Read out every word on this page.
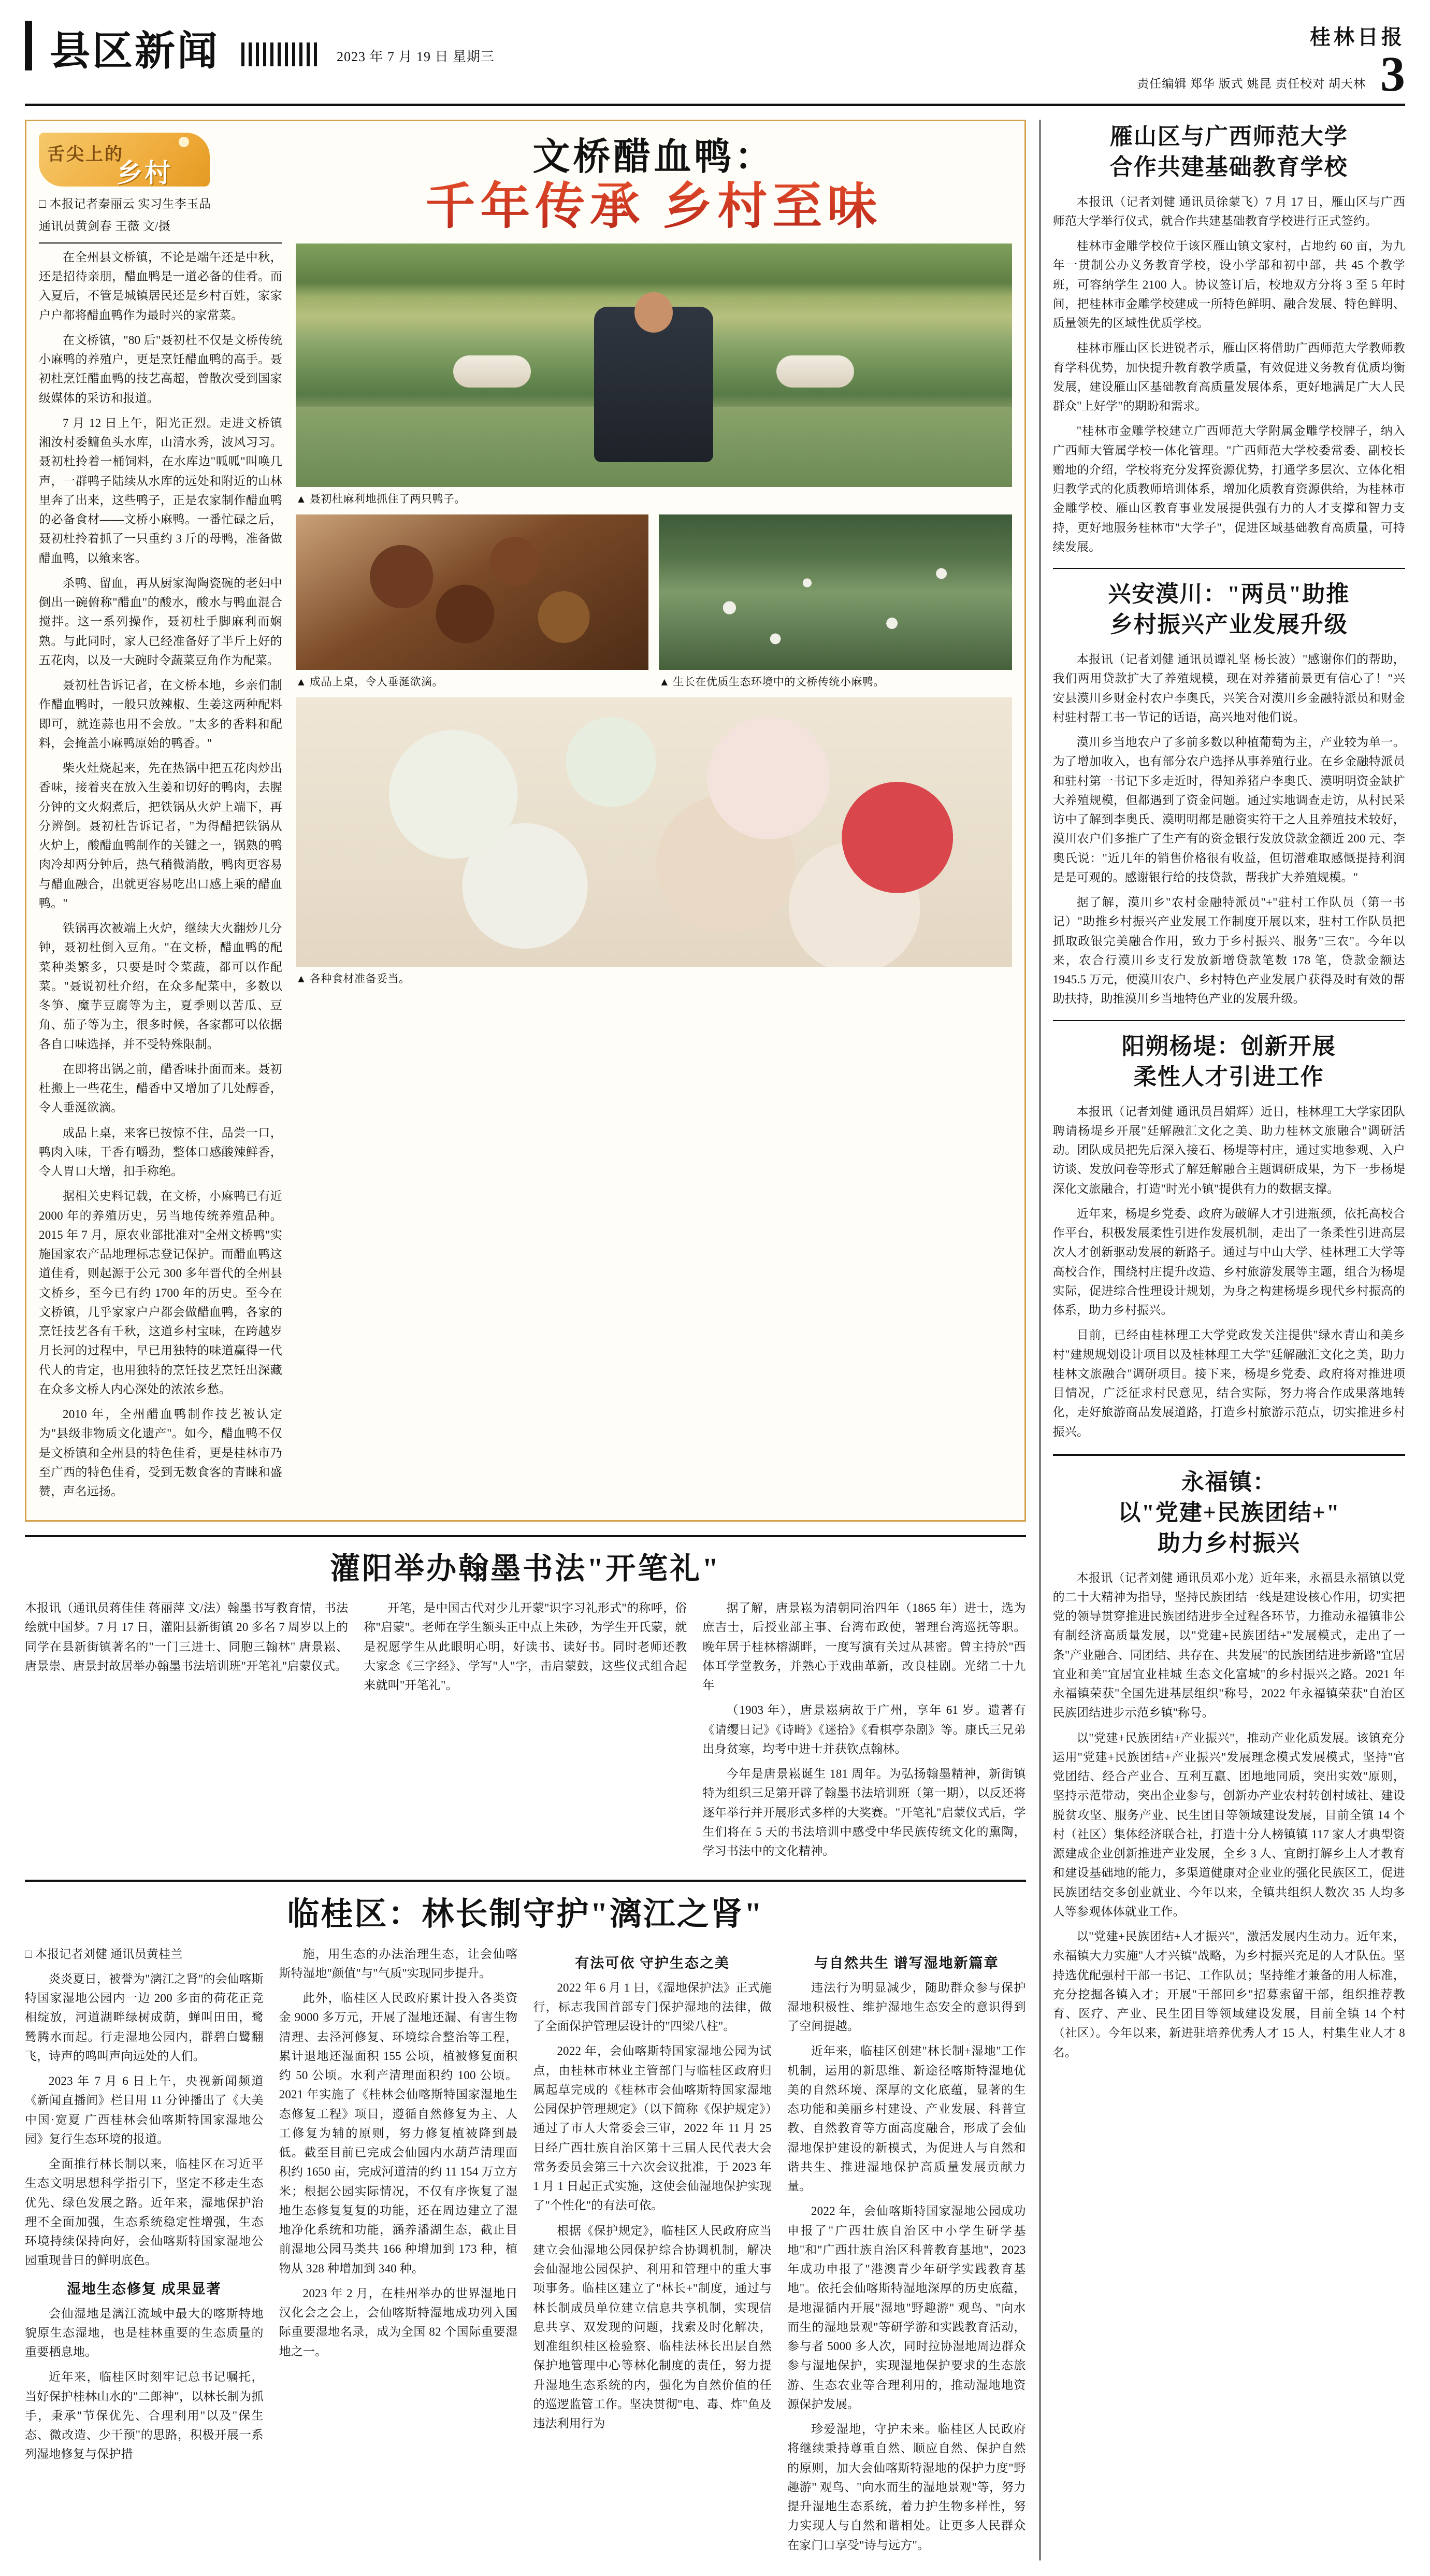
县区新闻	2023 年 7 月 19 日 星期三
桂林日报
责任编辑 郑华 版式 姚昆 责任校对 胡天林 3
舌尖上的
乡村
□ 本报记者秦丽云 实习生李玉品
通讯员黄剑春 王薇 文/摄

在全州县文桥镇，不论是端午还是中秋，还是招待亲朋，醋血鸭是一道必备的佳肴。而入夏后，不管是城镇居民还是乡村百姓，家家户户都将醋血鸭作为最时兴的家常菜。

在文桥镇，"80 后"聂初杜不仅是文桥传统小麻鸭的养殖户，更是烹饪醋血鸭的高手。聂初杜烹饪醋血鸭的技艺高超，曾散次受到国家级媒体的采访和报道。

7 月 12 日上午，阳光正烈。走进文桥镇湘汝村委鳙鱼头水库，山清水秀，波风习习。聂初杜拎着一桶饲料，在水库边"呱呱"叫唤几声，一群鸭子陆续从水库的远处和附近的山林里奔了出来，这些鸭子，正是农家制作醋血鸭的必备食材——文桥小麻鸭。一番忙碌之后，聂初杜拎着抓了一只重约 3 斤的母鸭，准备做醋血鸭，以飨来客。

杀鸭、留血，再从厨家淘陶瓷碗的老妇中倒出一碗俯称"醋血"的酸水，酸水与鸭血混合搅拌。这一系列操作，聂初杜手脚麻利而娴熟。与此同时，家人已经准备好了半斤上好的五花肉，以及一大碗时令蔬菜豆角作为配菜。

聂初杜告诉记者，在文桥本地，乡亲们制作醋血鸭时，一般只放辣椒、生姜这两种配料即可，就连蒜也用不会放。"太多的香料和配料，会掩盖小麻鸭原始的鸭香。"

柴火灶烧起来，先在热锅中把五花肉炒出香味，接着夹在放入生姜和切好的鸭肉，去腥 分钟的文火焖煮后，把铁锅从火炉上端下，再分辨倒。聂初杜告诉记者，"为得醋把铁锅从火炉上，酸醋血鸭制作的关键之一，锅熟的鸭肉冷却两分钟后，热气稍微消散，鸭肉更容易与醋血融合，出就更容易吃出口感上乘的醋血鸭。"

铁锅再次被端上火炉，继续大火翻炒几分钟，聂初杜倒入豆角。"在文桥，醋血鸭的配菜种类繁多，只要是时令菜蔬，都可以作配菜。"聂说初杜介绍，在众多配菜中，多数以冬笋、魔芋豆腐等为主，夏季则以苦瓜、豆角、茄子等为主，很多时候，各家都可以依据各自口味选择，并不受特殊限制。

在即将出锅之前，醋香味扑面而来。聂初杜搬上一些花生，醋香中又增加了几处醇香，令人垂涎欲滴。

成品上桌，来客已按惊不住，品尝一口，鸭肉入味，干香有嚼劲，整体口感酸辣鲜香，令人胃口大增，扣手称绝。

据相关史料记载，在文桥，小麻鸭已有近 2000 年的养殖历史，另当地传统养殖品种。2015 年 7 月，原农业部批准对"全州文桥鸭"实施国家农产品地理标志登记保护。而醋血鸭这道佳肴，则起源于公元 300 多年晋代的全州县文桥乡，至今已有约 1700 年的历史。至今在文桥镇，几乎家家户户都会做醋血鸭，各家的烹饪技艺各有千秋，这道乡村宝味，在跨越岁月长河的过程中，早已用独特的味道赢得一代代人的肯定，也用独特的烹饪技艺烹饪出深藏在众多文桥人内心深处的浓浓乡愁。

2010 年，全州醋血鸭制作技艺被认定为"县级非物质文化遗产"。如今，醋血鸭不仅是文桥镇和全州县的特色佳肴，更是桂林市乃至广西的特色佳肴，受到无数食客的青睐和盛赞，声名远扬。

文桥醋血鸭：
千年传承 乡村至味
▲ 聂初杜麻利地抓住了两只鸭子。
▲ 成品上桌，令人垂涎欲滴。	▲ 生长在优质生态环境中的文桥传统小麻鸭。
▲ 各种食材准备妥当。
灌阳举办翰墨书法"开笔礼"

本报讯（通讯员蒋佳佳 蒋丽萍 文/法）翰墨书写教育情，书法绘就中国梦。7 月 17 日，灌阳县新街镇 20 多名 7 周岁以上的同学在县新街镇著名的"一门三进士、同胞三翰林" 唐景崧、唐景崇、唐景封故居举办翰墨书法培训班"开笔礼"启蒙仪式。

开笔，是中国古代对少儿开蒙"识字习礼形式"的称呼，俗称"启蒙"。老师在学生额头正中点上朱砂，为学生开氏蒙，就是祝愿学生从此眼明心明，好读书、读好书。同时老师还教大家念《三字经》、学写"人"字，击启蒙鼓，这些仪式组合起来就叫"开笔礼"。

据了解，唐景崧为清朝同治四年（1865 年）进士，选为庶吉士，后授业部主事、台湾布政使，署理台湾巡抚等职。晚年居于桂林榕湖畔，一度写演有关过从甚密。曾主持於"西体耳学堂教务，并熟心于戏曲革新，改良桂剧。光绪二十九年

（1903 年），唐景崧病故于广州，享年 61 岁。遗著有《请缨日记》《诗畸》《迷拾》《看棋亭杂剧》等。康氏三兄弟出身贫寒，均考中进士并获钦点翰林。

今年是唐景崧诞生 181 周年。为弘扬翰墨精神，新街镇特为组织三足第开辟了翰墨书法培训班（第一期），以反还将逐年举行并开展形式多样的大奖赛。"开笔礼"启蒙仪式后，学生们将在 5 天的书法培训中感受中华民族传统文化的熏陶，学习书法中的文化精神。

临桂区：林长制守护"漓江之肾"

□ 本报记者刘健 通讯员黄桂兰

炎炎夏日，被誉为"漓江之肾"的会仙喀斯特国家湿地公园内一边 200 多亩的荷花正竞相绽放，河道湖畔绿树成荫，蝉叫田田，鹭鸶腾水而起。行走湿地公园内，群碧白鹭翻飞，诗声的鸣叫声向远处的人们。

2023 年 7 月 6 日上午，央视新闻频道《新闻直播间》栏目用 11 分钟播出了《大美中国·宽夏 广西桂林会仙喀斯特国家湿地公园》复行生态环境的报道。

全面推行林长制以来，临桂区在习近平生态文明思想科学指引下，坚定不移走生态优先、绿色发展之路。近年来，湿地保护治理不全面加强，生态系统稳定性增强，生态环境持续保持向好，会仙喀斯特国家湿地公园重现昔日的鲜明底色。

湿地生态修复 成果显著

会仙湿地是漓江流域中最大的喀斯特地貌原生态湿地，也是桂林重要的生态质量的重要栖息地。

近年来，临桂区时刻牢记总书记嘱托，当好保护桂林山水的"二郎神"，以林长制为抓手，秉承"节保优先、合理利用"以及"保生态、微改造、少干预"的思路，积极开展一系列湿地修复与保护措

施，用生态的办法治理生态，让会仙喀斯特湿地"颜值"与"气质"实现同步提升。

此外，临桂区人民政府累计投入各类资金 9000 多万元，开展了湿地还漏、有害生物清理、去泾河修复、环境综合整治等工程，累计退地还湿面积 155 公顷，植被修复面积约 50 公顷。水利产清理面积约 100 公顷。2021 年实施了《桂林会仙喀斯特国家湿地生态修复工程》项目，遵循自然修复为主、人工修复为辅的原则，努力修复植被降到最低。截至目前已完成会仙园内水葫芦清理面积约 1650 亩，完成河道清的约 11 154 万立方米；根据公园实际情况，不仅有序恢复了湿地生态修复复复的功能，还在周边建立了湿地净化系统和功能，涵养潘湖生态，截止目前湿地公园马类共 166 种增加到 173 种，植物从 328 种增加到 340 种。

2023 年 2 月，在桂州举办的世界湿地日汉化会之会上，会仙喀斯特湿地成功列入国际重要湿地名录，成为全国 82 个国际重要湿地之一。

有法可依 守护生态之美

2022 年 6 月 1 日，《湿地保护法》正式施行，标志我国首部专门保护湿地的法律，做了全面保护管理层设计的"四梁八柱"。

2022 年，会仙喀斯特国家湿地公园为试点，由桂林市林业主管部门与临桂区政府归属起草完成的《桂林市会仙喀斯特国家湿地公园保护管理规定》（以下简称《保护规定》）通过了市人大常委会三审，2022 年 11 月 25 日经广西壮族自治区第十三届人民代表大会常务委员会第三十六次会议批准，于 2023 年 1 月 1 日起正式实施，这使会仙湿地保护实现了"个性化"的有法可依。

根据《保护规定》，临桂区人民政府应当建立会仙湿地公园保护综合协调机制，解决会仙湿地公园保护、利用和管理中的重大事项事务。临桂区建立了"林长+"制度，通过与林长制成员单位建立信息共享机制，实现信息共享、双发现的问题，找索及时化解决，划准组织桂区检验察、临桂法林长出层自然保护地管理中心等林化制度的责任，努力提升湿地生态系统的内，强化为自然价值的任的巡逻监管工作。坚决贯彻"电、毒、炸"鱼及违法利用行为

与自然共生 谱写湿地新篇章

违法行为明显减少，随助群众参与保护湿地积极性、维护湿地生态安全的意识得到了空间提越。

近年来，临桂区创建"林长制+湿地"工作机制，运用的新思维、新途径喀斯特湿地优美的自然环境、深厚的文化底蕴，显著的生态功能和美丽乡村建设、产业发展、科普宣教、自然教育等方面高度融合，形成了会仙湿地保护建设的新模式，为促进人与自然和谐共生、推进湿地保护高质量发展贡献力量。

2022 年，会仙喀斯特国家湿地公园成功申报了"广西壮族自治区中小学生研学基地"和"广西壮族自治区科普教育基地"，2023 年成功申报了"港澳青少年研学实践教育基地"。依托会仙喀斯特湿地深厚的历史底蕴，是地湿循内开展"湿地"野趣游" 观鸟、"向水而生的湿地景观"等研学游和实践教育活动，参与者 5000 多人次，同时拉协湿地周边群众参与湿地保护，实现湿地保护要求的生态旅游、生态农业等合理利用的，推动湿地地资源保护发展。

珍爱湿地，守护未来。临桂区人民政府将继续秉持尊重自然、顺应自然、保护自然的原则，加大会仙喀斯特湿地的保护力度"野趣游" 观鸟、"向水而生的湿地景观"等，努力提升湿地生态系统，着力护生物多样性，努力实现人与自然和谐相处。让更多人民群众在家门口享受"诗与远方"。

雁山区与广西师范大学
合作共建基础教育学校

本报讯（记者刘健 通讯员徐蒙飞）7 月 17 日，雁山区与广西师范大学举行仪式，就合作共建基础教育学校进行正式签约。

桂林市金雕学校位于该区雁山镇文家村，占地约 60 亩，为九年一贯制公办义务教育学校，设小学部和初中部，共 45 个教学班，可容纳学生 2100 人。协议签订后，校地双方分将 3 至 5 年时间，把桂林市金雕学校建成一所特色鲜明、融合发展、特色鲜明、质量领先的区域性优质学校。

桂林市雁山区长进锐者示，雁山区将借助广西师范大学教师教育学科优势，加快提升教育教学质量，有效促进义务教育优质均衡发展，建设雁山区基础教育高质量发展体系，更好地满足广大人民群众"上好学"的期盼和需求。

"桂林市金雕学校建立广西师范大学附属金雕学校牌子，纳入广西师大管属学校一体化管理。"广西师范大学校委常委、副校长赠地的介绍，学校将充分发挥资源优势，打通学多层次、立体化相归教学式的化质教师培训体系，增加化质教育资源供给，为桂林市金雕学校、雁山区教育事业发展提供强有力的人才支撑和智力支持，更好地服务桂林市"大学子"，促进区域基础教育高质量，可持续发展。

兴安漠川："两员"助推
乡村振兴产业发展升级

本报讯（记者刘健 通讯员谭礼坚 杨长波）"感谢你们的帮助，我们两用贷款扩大了养殖规模，现在对养猪前景更有信心了！"兴安县漠川乡财金村农户李奥氏，兴笑合对漠川乡金融特派员和财金村驻村帮工书一节记的话语，高兴地对他们说。

漠川乡当地农户了多前多数以种植葡萄为主，产业较为单一。为了增加收入，也有部分农户选择从事养殖行业。在乡金融特派员和驻村第一书记下多走近时，得知养猪户李奥氏、漠明明资金缺扩大养殖规模，但都遇到了资金问题。通过实地调查走访，从村民采访中了解到李奥氏、漠明明都是融资实符干之人且养殖技术较好，漠川农户们多推广了生产有的资金银行发放贷款金额近 200 元、李奥氏说："近几年的销售价格很有收益，但切潜难取感慨提持利润是是可观的。感谢银行给的技贷款，帮我扩大养殖规模。"

据了解，漠川乡"农村金融特派员"+"驻村工作队员（第一书记）"助推乡村振兴产业发展工作制度开展以来，驻村工作队员把抓取政银完美融合作用，致力于乡村振兴、服务"三农"。今年以来，农合行漠川乡支行发放新增贷款笔数 178 笔，贷款金额达 1945.5 万元，便漠川农户、乡村特色产业发展户获得及时有效的帮助扶持，助推漠川乡当地特色产业的发展升级。

阳朔杨堤：创新开展
柔性人才引进工作

本报讯（记者刘健 通讯员吕娟辉）近日，桂林理工大学家团队聘请杨堤乡开展"廷解融汇文化之美、助力桂林文旅融合"调研活动。团队成员把先后深入接石、杨堤等村庄，通过实地参观、入户访谈、发放问卷等形式了解廷解融合主题调研成果，为下一步杨堤深化文旅融合，打造"时光小镇"提供有力的数据支撑。

近年来，杨堤乡党委、政府为破解人才引进瓶颈，依托高校合作平台，积极发展柔性引进作发展机制，走出了一条柔性引进高层次人才创新驱动发展的新路子。通过与中山大学、桂林理工大学等高校合作，围绕村庄提升改造、乡村旅游发展等主题，组合为杨堤实际，促进综合性理设计规划，为身之构建杨堤乡现代乡村振高的体系，助力乡村振兴。

目前，已经由桂林理工大学党政发关注提供"绿水青山和美乡村"建规规划设计项目以及桂林理工大学"廷解融汇文化之美，助力桂林文旅融合"调研项目。接下来，杨堤乡党委、政府将对推进项目情况，广泛征求村民意见，结合实际，努力将合作成果落地转化，走好旅游商品发展道路，打造乡村旅游示范点，切实推进乡村振兴。

永福镇：
以"党建+民族团结+"
助力乡村振兴

本报讯（记者刘健 通讯员邓小龙）近年来，永福县永福镇以党的二十大精神为指导，坚持民族团结一线是建设核心作用，切实把党的领导贯穿推进民族团结进步全过程各环节，力推动永福镇非公有制经济高质量发展，以"党建+民族团结+"发展模式，走出了一条"产业融合、同团结、共存在、共发展"的民族团结进步新路"宜居宜业和美"宜居宜业桂城 生态文化富城"的乡村振兴之路。2021 年永福镇荣获"全国先进基层组织"称号，2022 年永福镇荣获"自治区民族团结进步示范乡镇"称号。

以"党建+民族团结+产业振兴"，推动产业化质发展。该镇充分运用"党建+民族团结+产业振兴"发展理念模式发展模式，坚持"官党团结、经合产业合、互利互赢、团地地同质，突出实效"原则，坚持示范带动，突出企业参与，创新办产业农村转创村域社、建设脱贫攻坚、服务产业、民生团目等领域建设发展，目前全镇 14 个村（社区）集体经济联合社，打造十分人榜镇镇 117 家人才典型资源建成企业创新推进产业发展，全乡 3 人、宜朗打解乡土人才教育和建设基础地的能力，多渠道健康对企业业的强化民族区工，促进民族团结交多创业就业、今年以来，全镇共组织人数次 35 人均多人等参观体体就业工作。

以"党建+民族团结+人才振兴"，激活发展内生动力。近年来，永福镇大力实施"人才兴镇"战略，为乡村振兴充足的人才队伍。坚持选优配强村干部一书记、工作队员；坚持维才兼备的用人标准，充分挖掘各镇入才；开展"干部回乡"招募索留干部，组织推荐教育、医疗、产业、民生团目等领域建设发展，目前全镇 14 个村（社区）。今年以来，新进驻培养优秀人才 15 人，村集生业人才 8 名。
